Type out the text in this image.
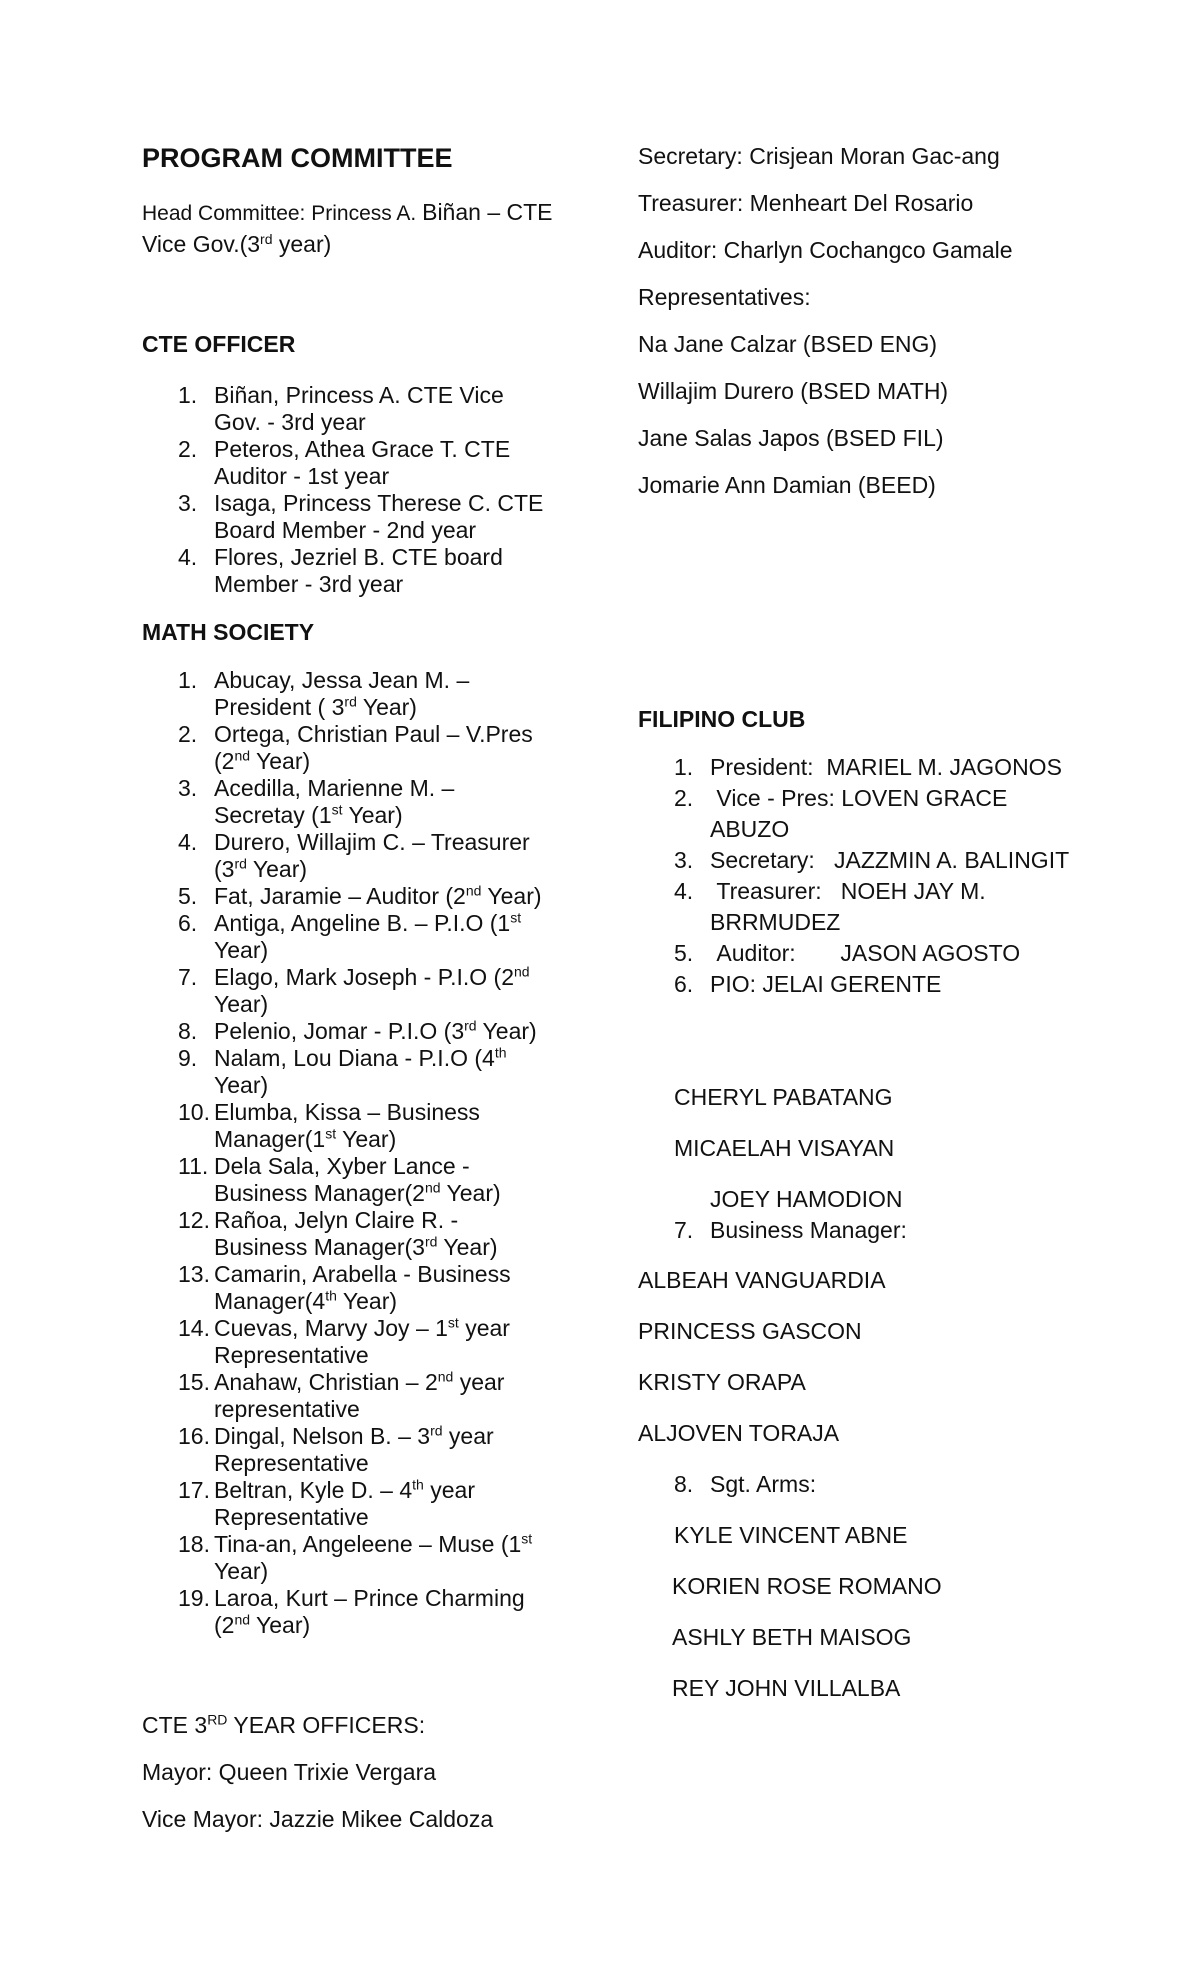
PROGRAM COMMITTEE
Head Committee: Princess A. Biñan – CTE Vice Gov.(3rd year)
CTE OFFICER
1. Biñan, Princess A. CTE Vice Gov. - 3rd year
2. Peteros, Athea Grace T. CTE Auditor - 1st year
3. Isaga, Princess Therese C. CTE Board Member - 2nd year
4. Flores, Jezriel B. CTE board Member - 3rd year
MATH SOCIETY
1. Abucay, Jessa Jean M. – President ( 3rd Year)
2. Ortega, Christian Paul – V.Pres (2nd Year)
3. Acedilla, Marienne M. – Secretay (1st Year)
4. Durero, Willajim C. – Treasurer (3rd Year)
5. Fat, Jaramie – Auditor (2nd Year)
6. Antiga, Angeline B. – P.I.O (1st Year)
7. Elago, Mark Joseph - P.I.O (2nd Year)
8. Pelenio, Jomar - P.I.O (3rd Year)
9. Nalam, Lou Diana - P.I.O (4th Year)
10. Elumba, Kissa – Business Manager(1st Year)
11. Dela Sala, Xyber Lance - Business Manager(2nd Year)
12. Rañoa, Jelyn Claire R. - Business Manager(3rd Year)
13. Camarin, Arabella - Business Manager(4th Year)
14. Cuevas, Marvy Joy – 1st year Representative
15. Anahaw, Christian – 2nd year representative
16. Dingal, Nelson B. – 3rd year Representative
17. Beltran, Kyle D. – 4th year Representative
18. Tina-an, Angeleene – Muse (1st Year)
19. Laroa, Kurt – Prince Charming (2nd Year)
CTE 3RD YEAR OFFICERS:
Mayor: Queen Trixie Vergara
Vice Mayor: Jazzie Mikee Caldoza
Secretary: Crisjean Moran Gac-ang
Treasurer: Menheart Del Rosario
Auditor: Charlyn Cochangco Gamale
Representatives:
Na Jane Calzar (BSED ENG)
Willajim Durero (BSED MATH)
Jane Salas Japos (BSED FIL)
Jomarie Ann Damian (BEED)
FILIPINO CLUB
1. President:  MARIEL M. JAGONOS
2. Vice - Pres: LOVEN GRACE ABUZO
3. Secretary:   JAZZMIN A. BALINGIT
4. Treasurer:   NOEH JAY M. BRRMUDEZ
5. Auditor:       JASON AGOSTO
6. PIO: JELAI GERENTE
CHERYL PABATANG
MICAELAH VISAYAN
JOEY HAMODION
7. Business Manager:
ALBEAH VANGUARDIA
PRINCESS GASCON
KRISTY ORAPA
ALJOVEN TORAJA
8. Sgt. Arms:
KYLE VINCENT ABNE
KORIEN ROSE ROMANO
ASHLY BETH MAISOG
REY JOHN VILLALBA
